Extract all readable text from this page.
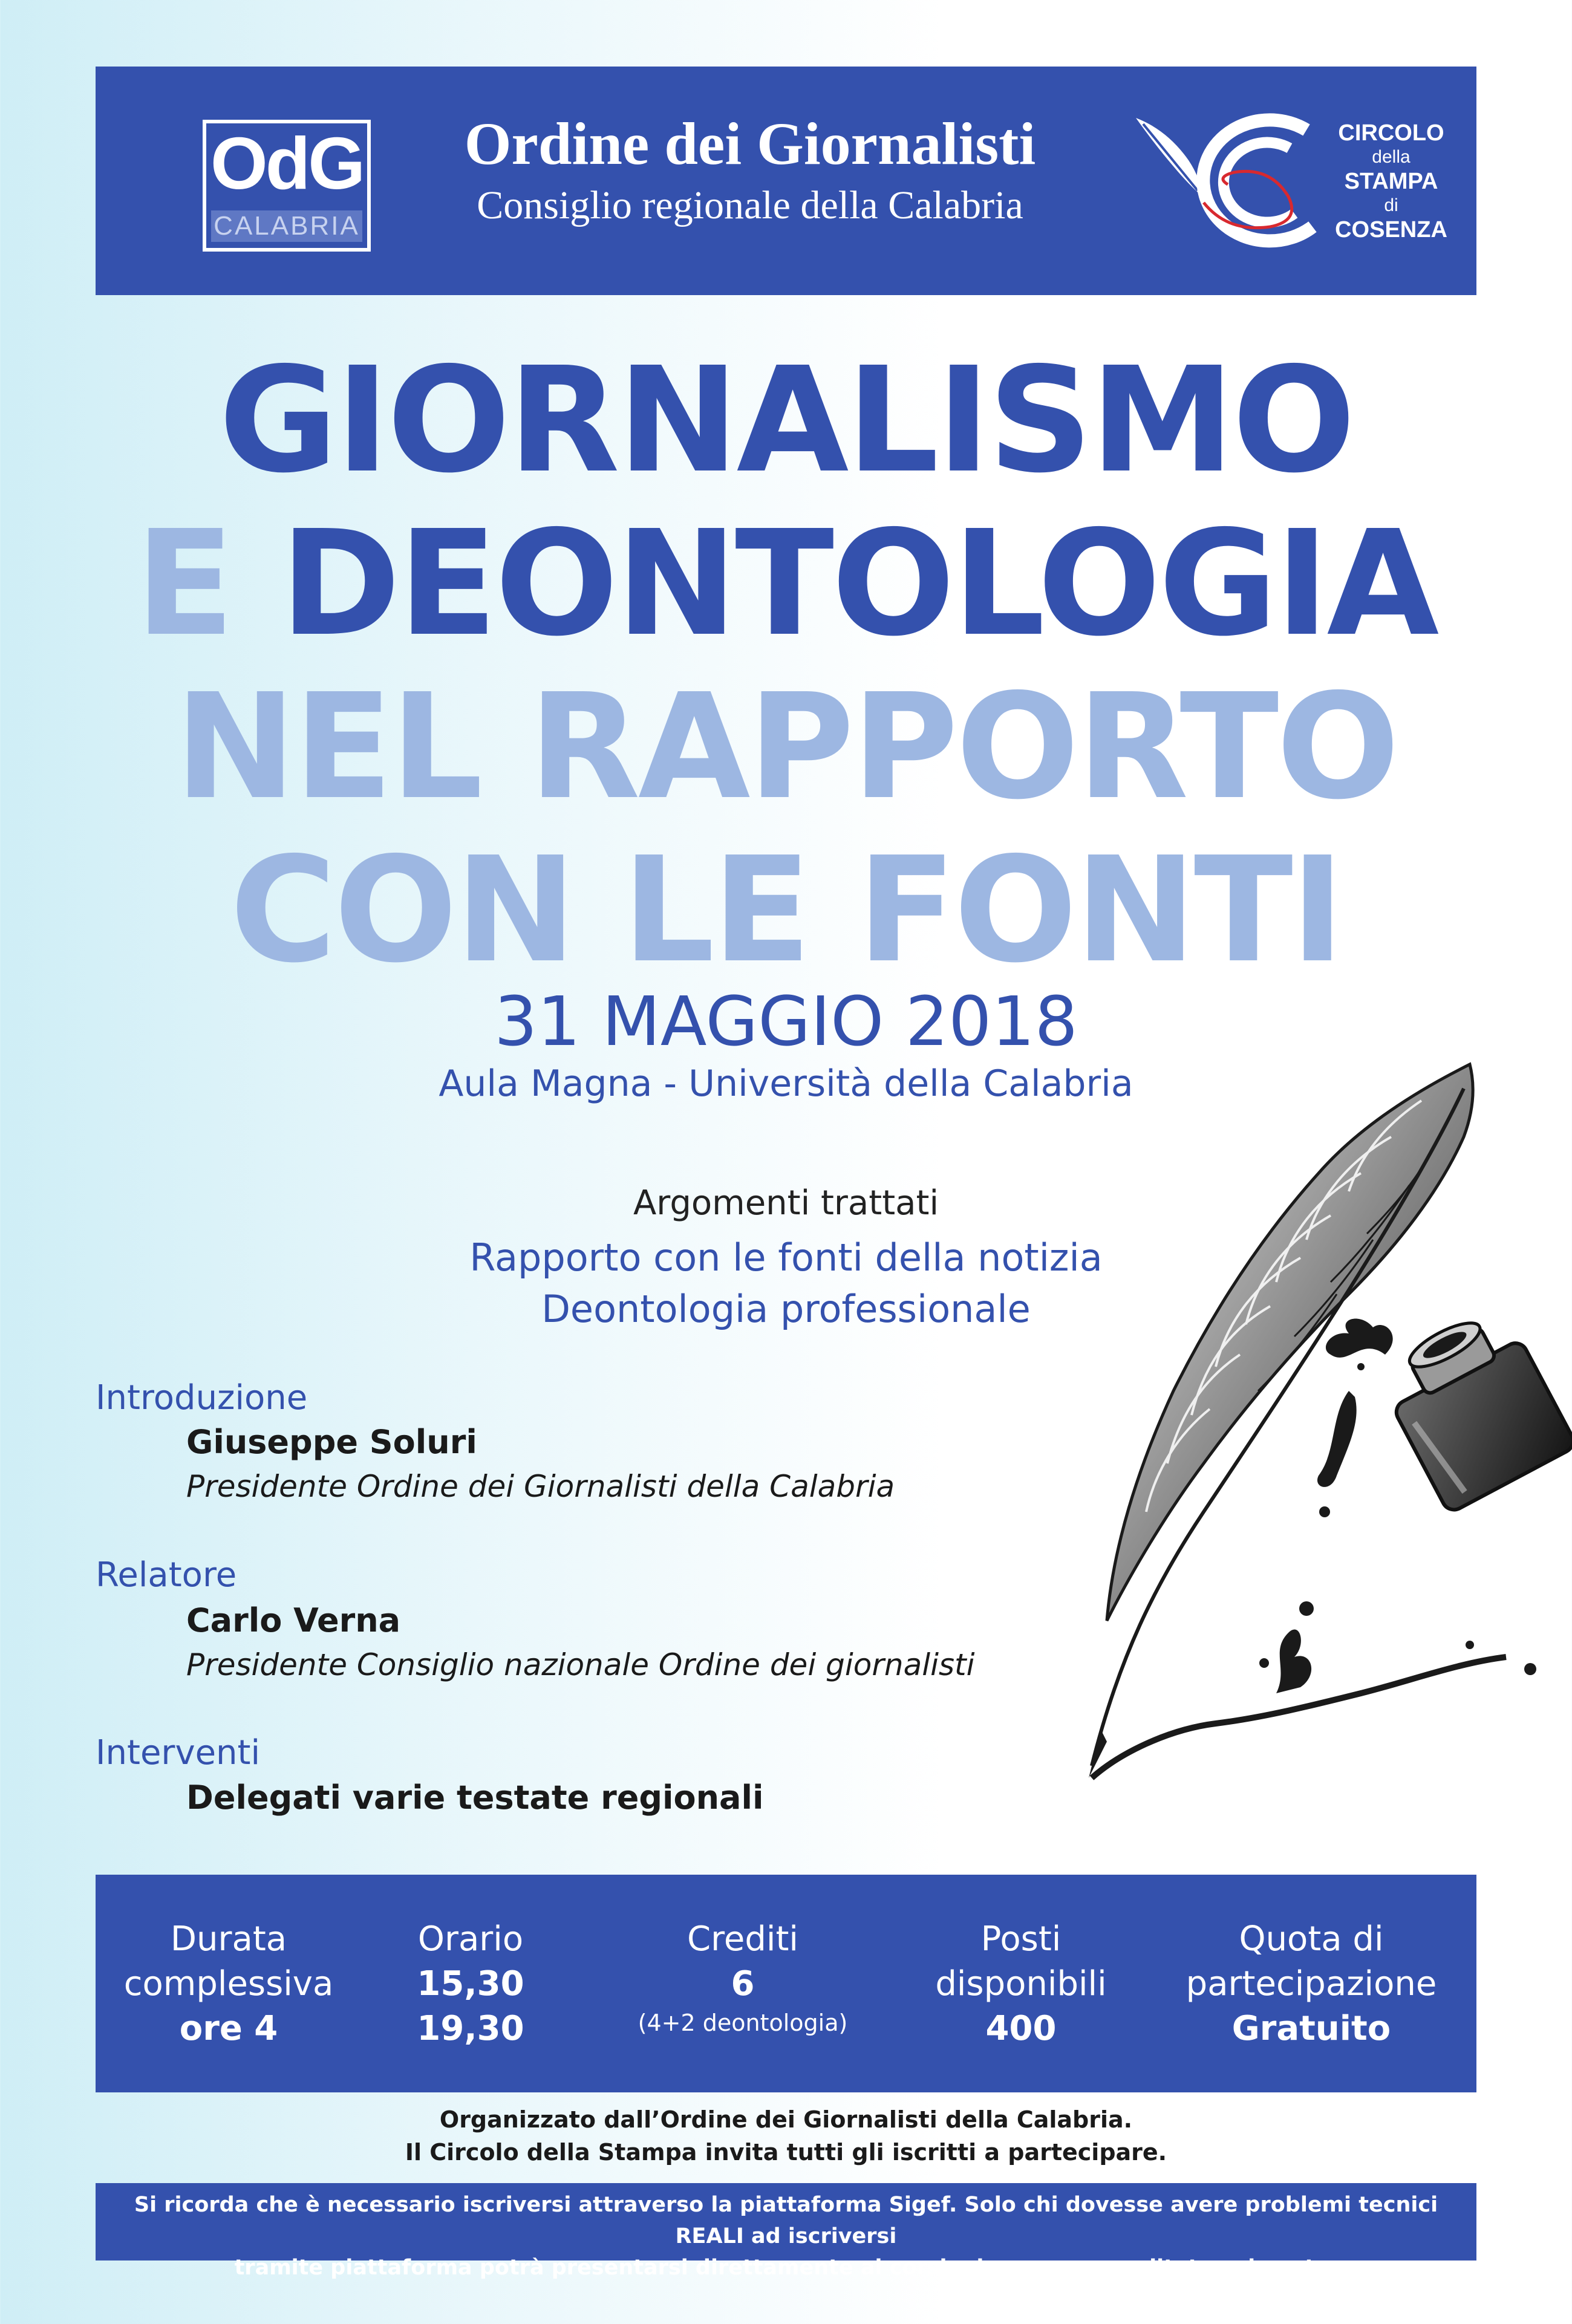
OdG
CALABRIA
Ordine dei Giornalisti
Consiglio regionale della Calabria
CIRCOLO
della
STAMPA
di
COSENZA
GIORNALISMO
E DEONTOLOGIA
NEL RAPPORTO
CON LE FONTI
31 MAGGIO 2018
Aula Magna - Università della Calabria
Argomenti trattati
Rapporto con le fonti della notizia
Deontologia professionale
Introduzione
Giuseppe Soluri
Presidente Ordine dei Giornalisti della Calabria
Relatore
Carlo Verna
Presidente Consiglio nazionale Ordine dei giornalisti
Interventi
Delegati varie testate regionali
Durata
complessiva
ore 4
Orario
15,30
19,30
Crediti
6
(4+2 deontologia)
Posti
disponibili
400
Quota di
partecipazione
Gratuito
Organizzato dall’Ordine dei Giornalisti della Calabria.
Il Circolo della Stampa invita tutti gli iscritti a partecipare.
Si ricorda che è necessario iscriversi attraverso la piattaforma Sigef. Solo chi dovesse avere problemi tecnici REALI ad iscriversi
tramite piattaforma potrà presentarsi direttamente ai corsi ed essere accreditato sul posto.
